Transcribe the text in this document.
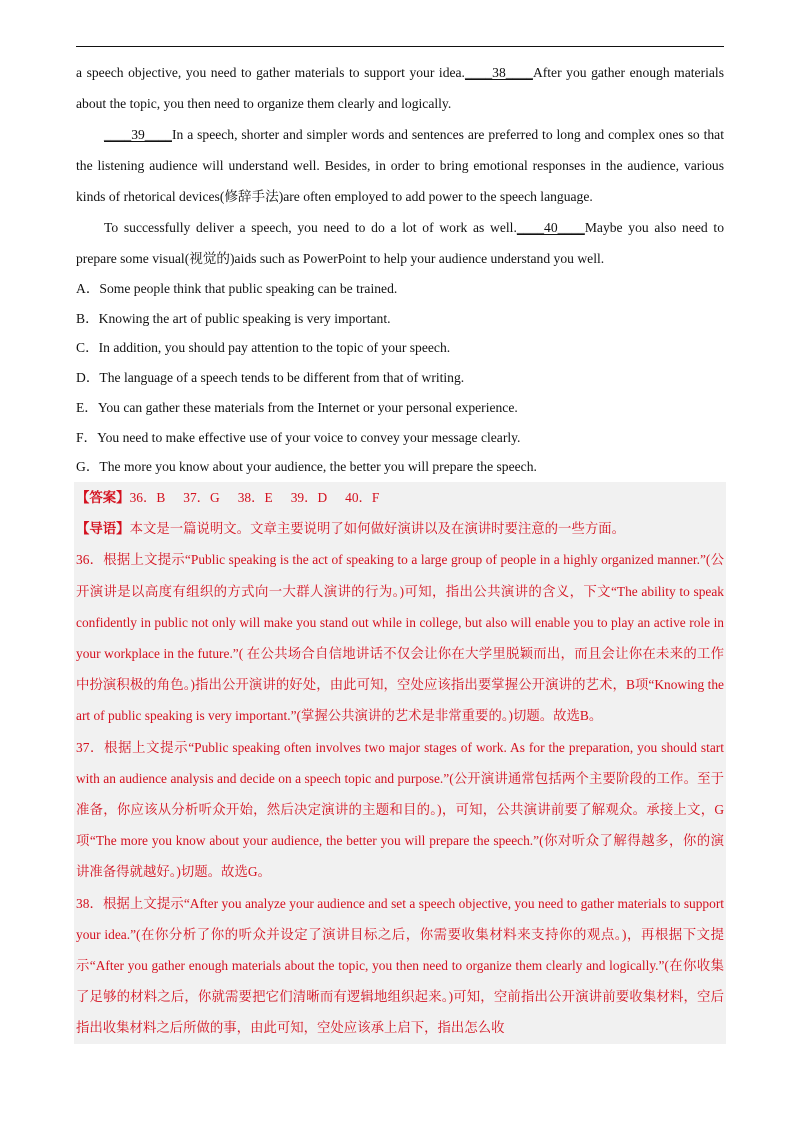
a speech objective, you need to gather materials to support your idea.____38____After you gather enough materials about the topic, you then need to organize them clearly and logically.

____39____In a speech, shorter and simpler words and sentences are preferred to long and complex ones so that the listening audience will understand well. Besides, in order to bring emotional responses in the audience, various kinds of rhetorical devices(修辞手法)are often employed to add power to the speech language.

To successfully deliver a speech, you need to do a lot of work as well.____40____Maybe you also need to prepare some visual(视觉的)aids such as PowerPoint to help your audience understand you well.

A．Some people think that public speaking can be trained.

B．Knowing the art of public speaking is very important.

C．In addition, you should pay attention to the topic of your speech.

D．The language of a speech tends to be different from that of writing.

E．You can gather these materials from the Internet or your personal experience.

F．You need to make effective use of your voice to convey your message clearly.

G．The more you know about your audience, the better you will prepare the speech.

【答案】36．B 37．G 38．E 39．D 40．F

【导语】本文是一篇说明文。文章主要说明了如何做好演讲以及在演讲时要注意的一些方面。

36．根据上文提示“Public speaking is the act of speaking to a large group of people in a highly organized manner.”(公开演讲是以高度有组织的方式向一大群人演讲的行为。)可知，指出公共演讲的含义，下文“The ability to speak confidently in public not only will make you stand out while in college, but also will enable you to play an active role in your workplace in the future.”( 在公共场合自信地讲话不仅会让你在大学里脱颖而出，而且会让你在未来的工作中扮演积极的角色。)指出公开演讲的好处，由此可知，空处应该指出要掌握公开演讲的艺术，B项“Knowing the art of public speaking is very important.”(掌握公共演讲的艺术是非常重要的。)切题。故选B。

37．根据上文提示“Public speaking often involves two major stages of work. As for the preparation, you should start with an audience analysis and decide on a speech topic and purpose.”(公开演讲通常包括两个主要阶段的工作。至于准备，你应该从分析听众开始，然后决定演讲的主题和目的。)，可知，公共演讲前要了解观众。承接上文，G项“The more you know about your audience, the better you will prepare the speech.”(你对听众了解得越多，你的演讲准备得就越好。)切题。故选G。

38．根据上文提示“After you analyze your audience and set a speech objective, you need to gather materials to support your idea.”(在你分析了你的听众并设定了演讲目标之后，你需要收集材料来支持你的观点。)，再根据下文提示“After you gather enough materials about the topic, you then need to organize them clearly and logically.”(在你收集了足够的材料之后，你就需要把它们清晰而有逻辑地组织起来。)可知，空前指出公开演讲前要收集材料，空后指出收集材料之后所做的事，由此可知，空处应该承上启下，指出怎么收
